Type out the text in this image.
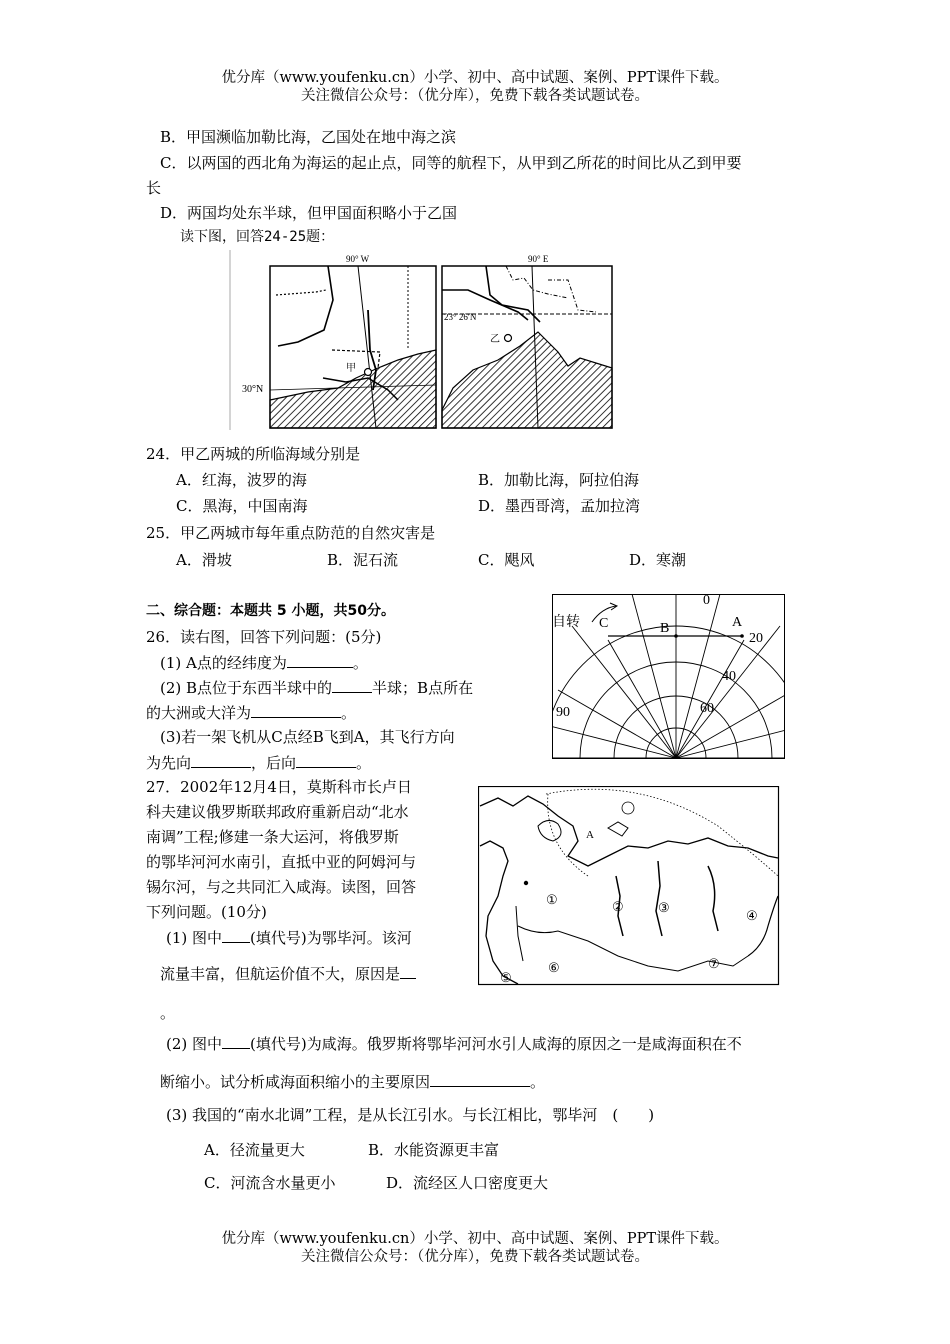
优分库（www.youfenku.cn）小学、初中、高中试题、案例、PPT课件下载。
关注微信公众号：（优分库），免费下载各类试题试卷。
B．甲国濒临加勒比海，乙国处在地中海之滨
C．以两国的西北角为海运的起止点，同等的航程下，从甲到乙所花的时间比从乙到甲要
长
D．两国均处东半球，但甲国面积略小于乙国
读下图，回答24-25题：
90° W
30°N
甲
90° E
23° 26′N
乙
24．甲乙两城的所临海域分别是
A．红海，波罗的海	B．加勒比海，阿拉伯海
C．黑海，中国南海	D．墨西哥湾，孟加拉湾
25．甲乙两城市每年重点防范的自然灾害是
A．滑坡	B．泥石流	C．飓风	D．寒潮
二、综合题：本题共 5 小题，共50分。
26．读右图，回答下列问题：(5分)
(1) A点的经纬度为	。
(2) B点位于东西半球中的	半球；B点所在
的大洲或大洋为	。
(3)若一架飞机从C点经B飞到A，其飞行方向
为先向	，后向	。
自转 C	B	A
0
20
40
60
90
27．2002年12月4日，莫斯科市长卢日
科夫建议俄罗斯联邦政府重新启动“北水
南调”工程;修建一条大运河，将俄罗斯
的鄂毕河河水南引，直抵中亚的阿姆河与
锡尔河，与之共同汇入咸海。读图，回答
下列问题。(10分)
(1) 图中 (填代号)为鄂毕河。该河
流量丰富，但航运价值不大，原因是
。
(2) 图中 (填代号)为咸海。俄罗斯将鄂毕河河水引人咸海的原因之一是咸海面积在不
断缩小。试分析咸海面积缩小的主要原因	。
(3) 我国的“南水北调”工程，是从长江引水。与长江相比，鄂毕河　(　　)
A．径流量更大	B．水能资源更丰富
C．河流含水量更小	D．流经区人口密度更大
A
①	②	③
④
⑤
⑥	⑦
优分库（www.youfenku.cn）小学、初中、高中试题、案例、PPT课件下载。
关注微信公众号：（优分库），免费下载各类试题试卷。
